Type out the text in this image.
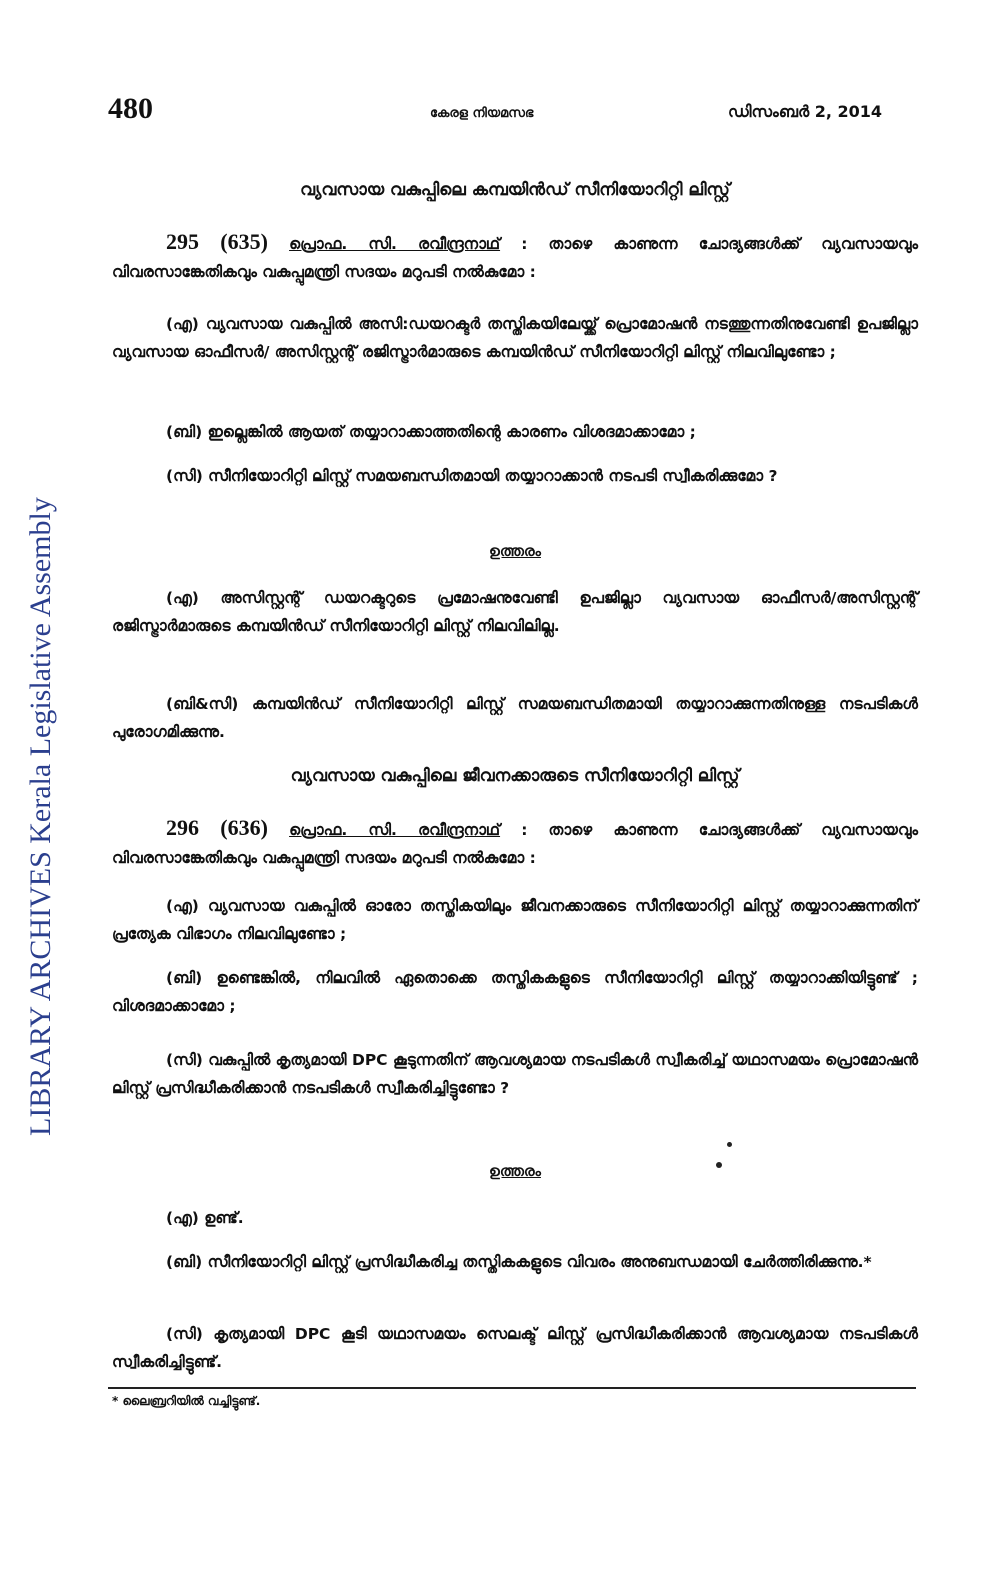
LIBRARY ARCHIVES Kerala Legislative Assembly
480	കേരള നിയമസഭ	ഡിസംബർ 2, 2014
വ്യവസായ വകുപ്പിലെ കമ്പയിൻഡ് സീനിയോറിറ്റി ലിസ്റ്റ്
295 (635) പ്രൊഫ. സി. രവീന്ദ്രനാഥ് : താഴെ കാണുന്ന ചോദ്യങ്ങൾക്ക് വ്യവസായവും വിവരസാങ്കേതികവും വകുപ്പുമന്ത്രി സദയം മറുപടി നൽകുമോ :
(എ) വ്യവസായ വകുപ്പിൽ അസി:ഡയറക്ടർ തസ്തികയിലേയ്ക്ക് പ്രൊമോഷൻ നടത്തുന്നതിനുവേണ്ടി ഉപജില്ലാ വ്യവസായ ഓഫീസർ/ അസിസ്റ്റന്റ് രജിസ്ട്രാർമാരുടെ കമ്പയിൻഡ് സീനിയോറിറ്റി ലിസ്റ്റ് നിലവിലുണ്ടോ ;
(ബി) ഇല്ലെങ്കിൽ ആയത് തയ്യാറാക്കാത്തതിന്റെ കാരണം വിശദമാക്കാമോ ;
(സി) സീനിയോറിറ്റി ലിസ്റ്റ് സമയബന്ധിതമായി തയ്യാറാക്കാൻ നടപടി സ്വീകരിക്കുമോ ?
ഉത്തരം
(എ) അസിസ്റ്റന്റ് ഡയറക്ടറുടെ പ്രമോഷനുവേണ്ടി ഉപജില്ലാ വ്യവസായ ഓഫീസർ/അസിസ്റ്റന്റ് രജിസ്ട്രാർമാരുടെ കമ്പയിൻഡ് സീനിയോറിറ്റി ലിസ്റ്റ് നിലവിലില്ല.
(ബി&സി) കമ്പയിൻഡ് സീനിയോറിറ്റി ലിസ്റ്റ് സമയബന്ധിതമായി തയ്യാറാക്കുന്നതിനുള്ള നടപടികൾ പുരോഗമിക്കുന്നു.
വ്യവസായ വകുപ്പിലെ ജീവനക്കാരുടെ സീനിയോറിറ്റി ലിസ്റ്റ്
296 (636) പ്രൊഫ. സി. രവീന്ദ്രനാഥ് : താഴെ കാണുന്ന ചോദ്യങ്ങൾക്ക് വ്യവസായവും വിവരസാങ്കേതികവും വകുപ്പുമന്ത്രി സദയം മറുപടി നൽകുമോ :
(എ) വ്യവസായ വകുപ്പിൽ ഓരോ തസ്തികയിലും ജീവനക്കാരുടെ സീനിയോറിറ്റി ലിസ്റ്റ് തയ്യാറാക്കുന്നതിന് പ്രത്യേക വിഭാഗം നിലവിലുണ്ടോ ;
(ബി) ഉണ്ടെങ്കിൽ, നിലവിൽ ഏതൊക്കെ തസ്തികകളുടെ സീനിയോറിറ്റി ലിസ്റ്റ് തയ്യാറാക്കിയിട്ടുണ്ട് ; വിശദമാക്കാമോ ;
(സി) വകുപ്പിൽ കൃത്യമായി DPC കൂടുന്നതിന് ആവശ്യമായ നടപടികൾ സ്വീകരിച്ച് യഥാസമയം പ്രൊമോഷൻ ലിസ്റ്റ് പ്രസിദ്ധീകരിക്കാൻ നടപടികൾ സ്വീകരിച്ചിട്ടുണ്ടോ ?
ഉത്തരം
(എ) ഉണ്ട്.
(ബി) സീനിയോറിറ്റി ലിസ്റ്റ് പ്രസിദ്ധീകരിച്ച തസ്തികകളുടെ വിവരം അനുബന്ധമായി ചേർത്തിരിക്കുന്നു.*
(സി) കൃത്യമായി DPC കൂടി യഥാസമയം സെലക്ട് ലിസ്റ്റ് പ്രസിദ്ധീകരിക്കാൻ ആവശ്യമായ നടപടികൾ സ്വീകരിച്ചിട്ടുണ്ട്.
* ലൈബ്രറിയിൽ വച്ചിട്ടുണ്ട്.
